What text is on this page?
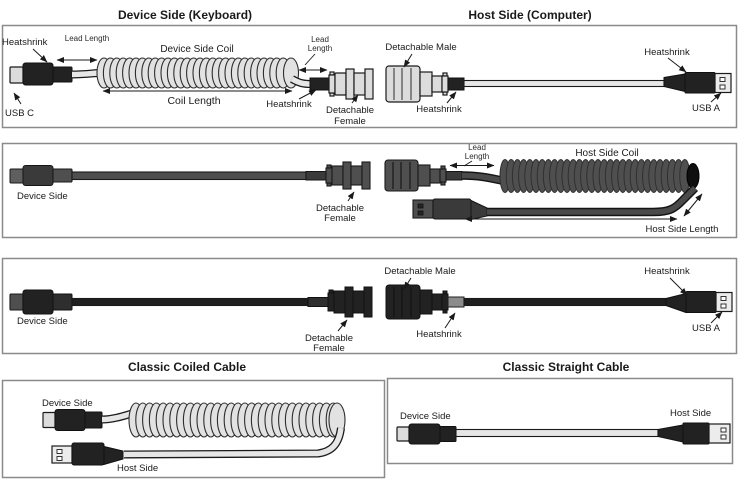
Device Side (Keyboard)	Host Side (Computer)
Heatshrink Lead Length
Device Side Coil
Coil Length
USB C
Lead
Length
Heatshrink
Detachable
Female
Detachable Male
Heatshrink
Heatshrink
USB A
Device Side
Detachable
Female
Lead
Length	Host Side Coil
Host Side Length
Device Side
Detachable
Female
Detachable Male
Heatshrink
Heatshrink
USB A
Classic Coiled Cable
Device Side
Host Side
Classic Straight Cable
Device Side	Host Side
